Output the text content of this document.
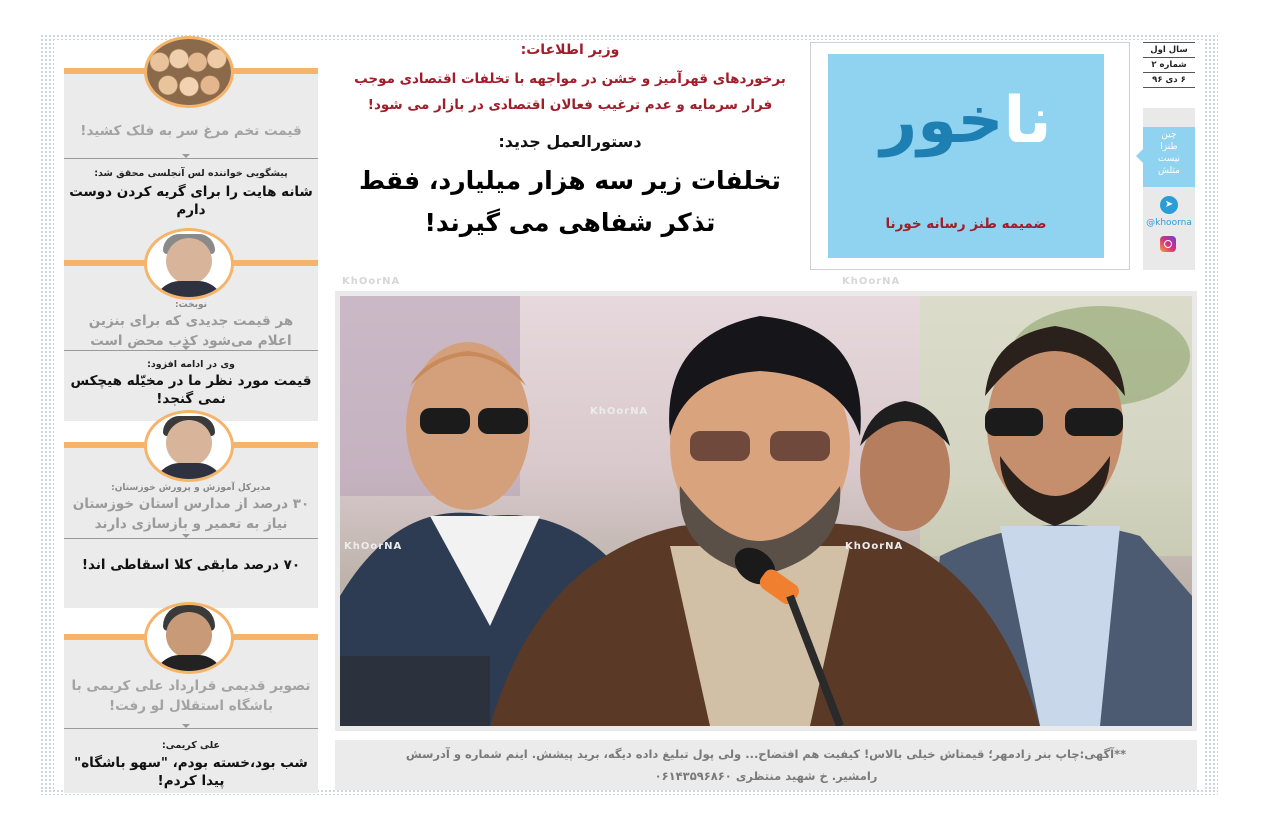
قیمت تخم مرغ سر به فلک کشید!
پیشگویی خواننده لس آنجلسی محقق شد:
شانه هایت را برای گریه کردن دوست دارم
نوبخت:
هر قیمت جدیدی که برای بنزین اعلام می‌شود کذب محض است
وی در ادامه افزود:
قیمت مورد نظر ما در مخیّله هیچکس نمی گنجد!
مدیرکل آموزش و پرورش خوزستان:
۳۰ درصد از مدارس استان خوزستان نیاز به تعمیر و بازسازی دارند
۷۰ درصد مابقی کلا اسقاطی اند!
تصویر قدیمی قرارداد علی کریمی با باشگاه استقلال لو رفت!
علی کریمی:
شب بود،خسته بودم، "سهو باشگاه" پیدا کردم!
وزیر اطلاعات:
برخوردهای قهرآمیز و خشن در مواجهه با تخلفات اقتصادی موجب فرار سرمایه و عدم ترغیب فعالان اقتصادی در بازار می شود!
دستورالعمل جدید:
تخلفات زیر سه هزار میلیارد، فقط تذکر شفاهی می گیرند!
ناخور
ضمیمه طنز رسانه خورنا
سال اول
شماره ۲
۶ دی ۹۶
چین
طنزا
نیست
مثلش
➤
@khoorna
KhOorNA	KhOorNA
KhOorNA
KhOorNA	KhOorNA
**آگهی:چاپ بنر زادمهر؛ قیمتاش خیلی بالاس! کیفیت هم افتضاح... ولی پول تبلیغ داده دیگه، برید پیشش. اینم شماره و آدرسش
رامشیر. خ شهید منتظری ۰۶۱۴۳۵۹۶۸۶۰
